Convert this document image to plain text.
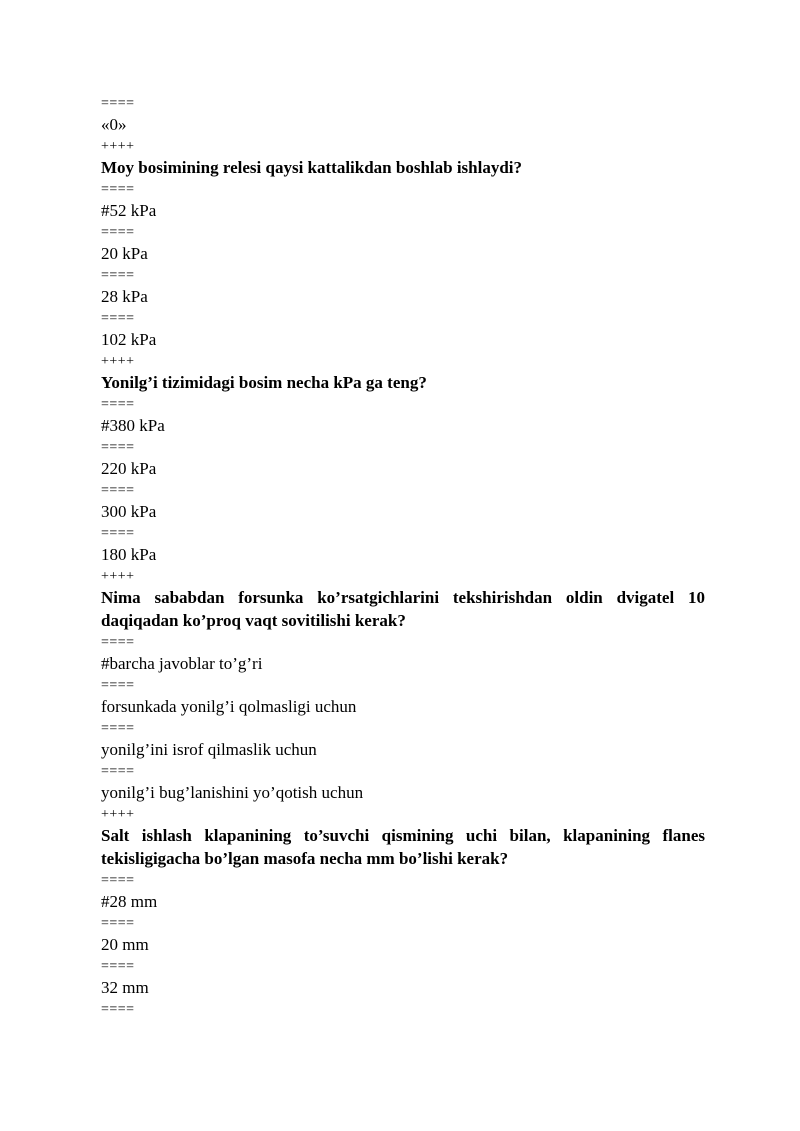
====
«0»
++++
Moy bosimining relesi qaysi kattalikdan boshlab ishlaydi?
====
#52 kPa
====
20 kPa
====
28 kPa
====
102 kPa
++++
Yonilg’i tizimidagi bosim necha kPa ga teng?
====
#380 kPa
====
220 kPa
====
300 kPa
====
180 kPa
++++
Nima sababdan forsunka ko’rsatgichlarini tekshirishdan oldin dvigatel 10 daqiqadan ko’proq vaqt sovitilishi kerak?
====
#barcha javoblar to’g’ri
====
forsunkada yonilg’i qolmasligi uchun
====
yonilg’ini isrof qilmaslik uchun
====
yonilg’i bug’lanishini yo’qotish uchun
++++
Salt ishlash klapanining to’suvchi qismining uchi bilan, klapanining flanes tekisligigacha bo’lgan masofa necha mm bo’lishi kerak?
====
#28 mm
====
20 mm
====
32 mm
====
